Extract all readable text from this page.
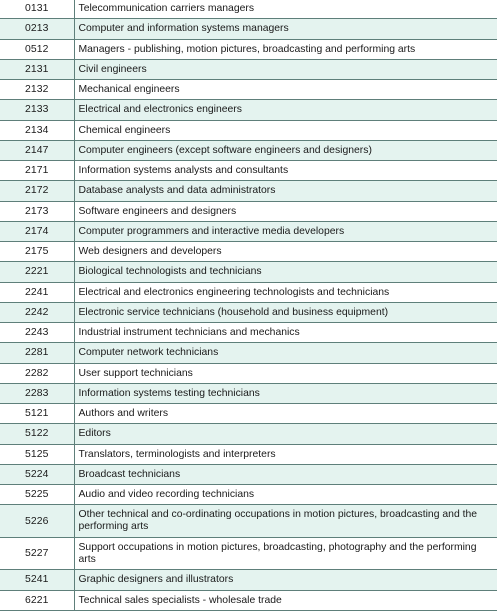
0131	Telecommunication carriers managers
0213	Computer and information systems managers
0512	Managers - publishing, motion pictures, broadcasting and performing arts
2131	Civil engineers
2132	Mechanical engineers
2133	Electrical and electronics engineers
2134	Chemical engineers
2147	Computer engineers (except software engineers and designers)
2171	Information systems analysts and consultants
2172	Database analysts and data administrators
2173	Software engineers and designers
2174	Computer programmers and interactive media developers
2175	Web designers and developers
2221	Biological technologists and technicians
2241	Electrical and electronics engineering technologists and technicians
2242	Electronic service technicians (household and business equipment)
2243	Industrial instrument technicians and mechanics
2281	Computer network technicians
2282	User support technicians
2283	Information systems testing technicians
5121	Authors and writers
5122	Editors
5125	Translators, terminologists and interpreters
5224	Broadcast technicians
5225	Audio and video recording technicians
5226	Other technical and co-ordinating occupations in motion pictures, broadcasting and the performing arts
5227	Support occupations in motion pictures, broadcasting, photography and the performing arts
5241	Graphic designers and illustrators
6221	Technical sales specialists - wholesale trade
